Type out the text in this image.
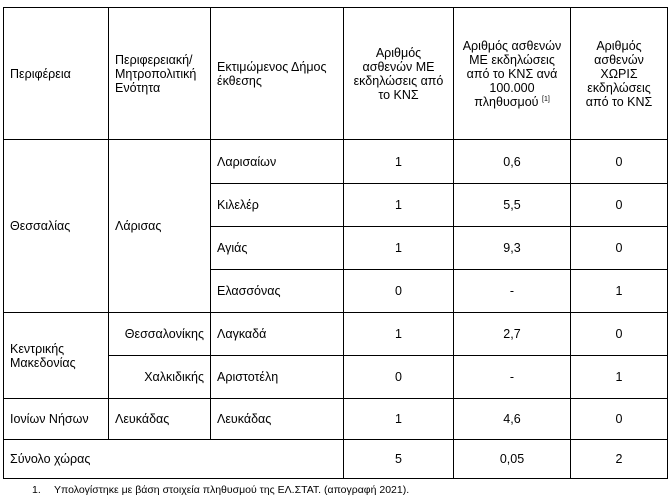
Περιφέρεια	Περιφερειακή/ Μητροπολιτική Ενότητα	Εκτιμώμενος Δήμος έκθεσης	Αριθμός ασθενών ΜΕ εκδηλώσεις από το ΚΝΣ	Αριθμός ασθενών ΜΕ εκδηλώσεις από το ΚΝΣ ανά 100.000 πληθυσμού [1]	Αριθμός ασθενών ΧΩΡΙΣ εκδηλώσεις από το ΚΝΣ
Θεσσαλίας	Λάρισας	Λαρισαίων	1	0,6	0
		Κιλελέρ	1	5,5	0
		Αγιάς	1	9,3	0
		Ελασσόνας	0	-	1
Κεντρικής Μακεδονίας	Θεσσαλονίκης	Λαγκαδά	1	2,7	0
	Χαλκιδικής	Αριστοτέλη	0	-	1
Ιονίων Νήσων	Λευκάδας	Λευκάδας	1	4,6	0
Σύνολο χώρας			5	0,05	2
1. Υπολογίστηκε με βάση στοιχεία πληθυσμού της ΕΛ.ΣΤΑΤ. (απογραφή 2021).
